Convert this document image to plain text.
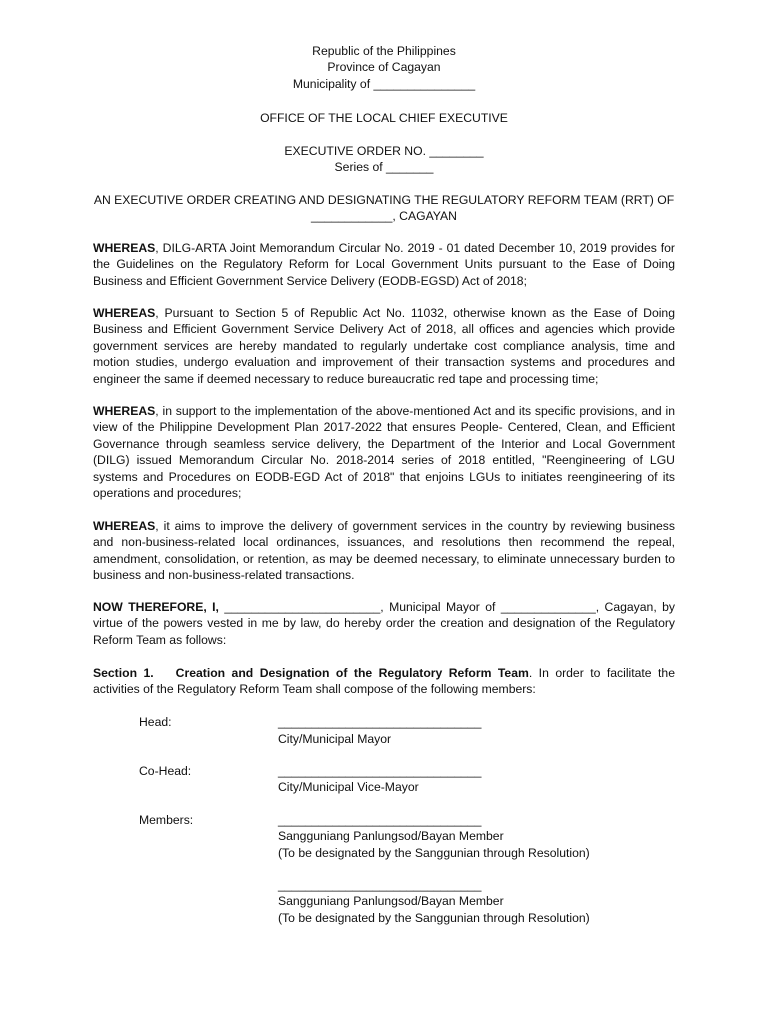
Republic of the Philippines
Province of Cagayan
Municipality of _______________
OFFICE OF THE LOCAL CHIEF EXECUTIVE
EXECUTIVE ORDER NO. ________
Series of _______
AN EXECUTIVE ORDER CREATING AND DESIGNATING THE REGULATORY REFORM TEAM (RRT) OF
____________, CAGAYAN

WHEREAS, DILG-ARTA Joint Memorandum Circular No. 2019 - 01 dated December 10, 2019 provides for the Guidelines on the Regulatory Reform for Local Government Units pursuant to the Ease of Doing Business and Efficient Government Service Delivery (EODB-EGSD) Act of 2018;

WHEREAS, Pursuant to Section 5 of Republic Act No. 11032, otherwise known as the Ease of Doing Business and Efficient Government Service Delivery Act of 2018, all offices and agencies which provide government services are hereby mandated to regularly undertake cost compliance analysis, time and motion studies, undergo evaluation and improvement of their transaction systems and procedures and engineer the same if deemed necessary to reduce bureaucratic red tape and processing time;

WHEREAS, in support to the implementation of the above-mentioned Act and its specific provisions, and in view of the Philippine Development Plan 2017-2022 that ensures People- Centered, Clean, and Efficient Governance through seamless service delivery, the Department of the Interior and Local Government (DILG) issued Memorandum Circular No. 2018-2014 series of 2018 entitled, "Reengineering of LGU systems and Procedures on EODB-EGD Act of 2018" that enjoins LGUs to initiates reengineering of its operations and procedures;

WHEREAS, it aims to improve the delivery of government services in the country by reviewing business and non-business-related local ordinances, issuances, and resolutions then recommend the repeal, amendment, consolidation, or retention, as may be deemed necessary, to eliminate unnecessary burden to business and non-business-related transactions.

NOW THEREFORE, I, _______________________, Municipal Mayor of ______________, Cagayan, by virtue of the powers vested in me by law, do hereby order the creation and designation of the Regulatory Reform Team as follows:

Section 1. Creation and Designation of the Regulatory Reform Team. In order to facilitate the activities of the Regulatory Reform Team shall compose of the following members:

Head:	______________________________
City/Municipal Mayor
Co-Head:	______________________________
City/Municipal Vice-Mayor
Members:	______________________________
Sangguniang Panlungsod/Bayan Member
(To be designated by the Sanggunian through Resolution)
______________________________
Sangguniang Panlungsod/Bayan Member
(To be designated by the Sanggunian through Resolution)
